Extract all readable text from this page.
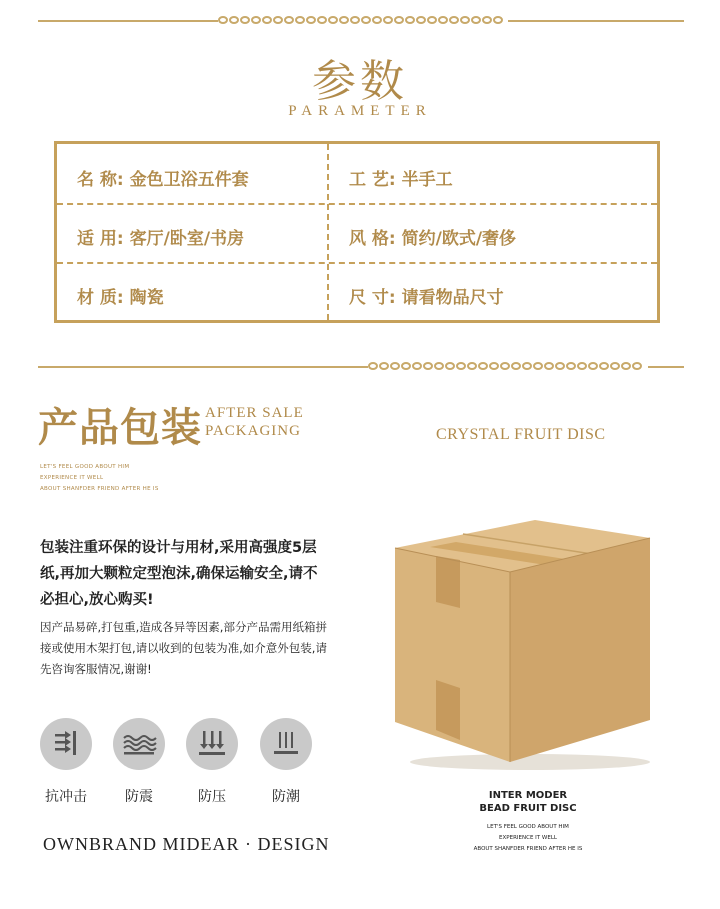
参数
PARAMETER
名 称: 金色卫浴五件套	工 艺: 半手工
适 用: 客厅/卧室/书房	风 格: 简约/欧式/奢侈
材 质: 陶瓷	尺 寸: 请看物品尺寸
产品包装 AFTER SALE
PACKAGING
LET'S FEEL GOOD ABOUT HIM
EXPERIENCE IT WELL
ABOUT SHANFDER FRIEND AFTER HE IS
CRYSTAL FRUIT DISC
包装注重环保的设计与用材,采用高强度5层
纸,再加大颗粒定型泡沫,确保运输安全,请不
必担心,放心购买!
因产品易碎,打包重,造成各异等因素,部分产品需用纸箱拼
接或使用木架打包,请以收到的包装为准,如介意外包装,请
先咨询客服情况,谢谢!
抗冲击	防震	防压	防潮
OWNBRAND MIDEAR · DESIGN
INTER MODER
BEAD FRUIT DISC
LET'S FEEL GOOD ABOUT HIM
EXPERIENCE IT WELL
ABOUT SHANFDER FRIEND AFTER HE IS
